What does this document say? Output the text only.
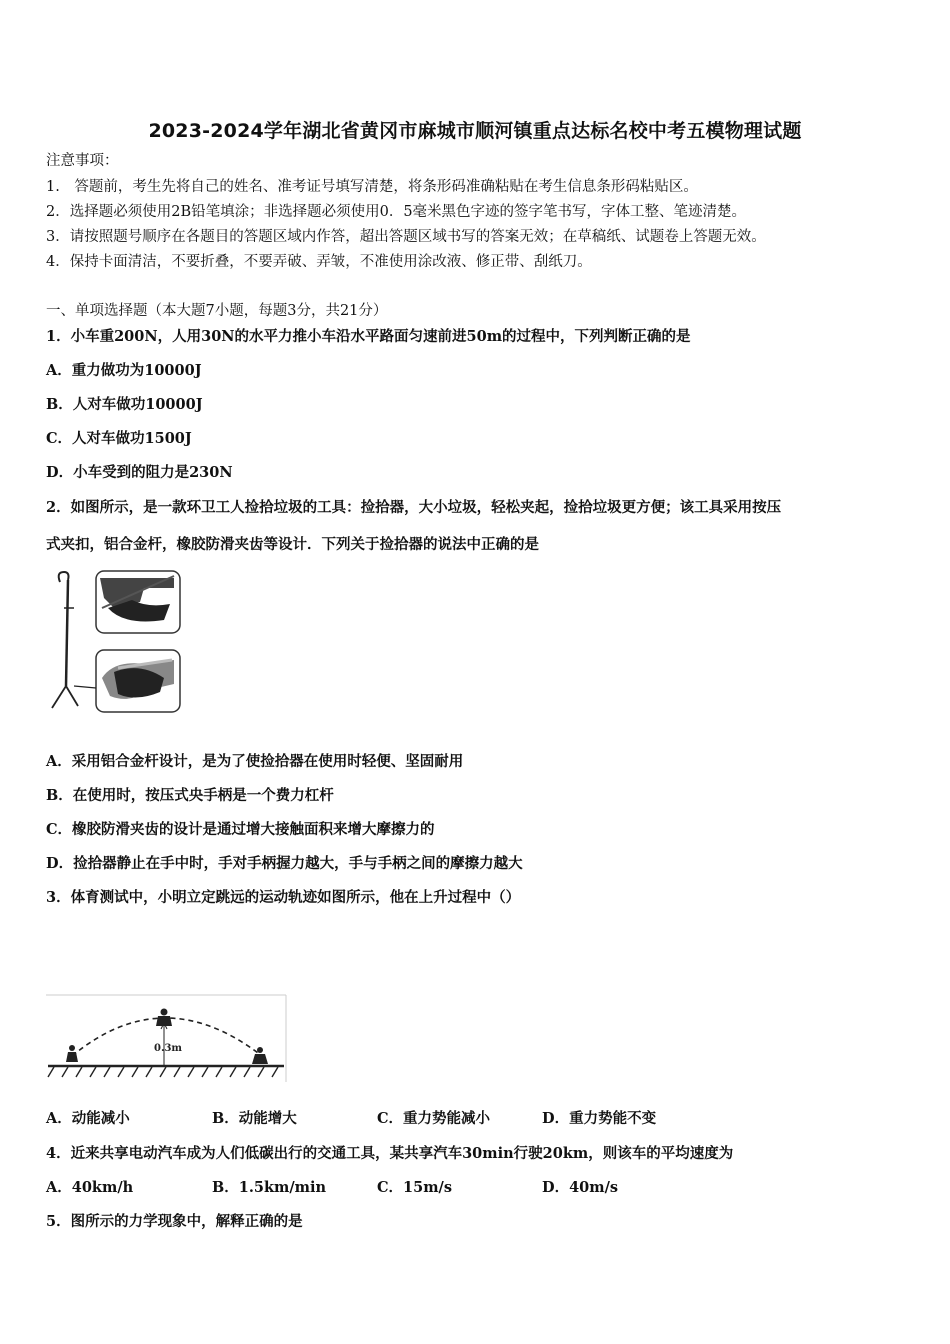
2023-2024学年湖北省黄冈市麻城市顺河镇重点达标名校中考五模物理试题
注意事项：
1.　答题前，考生先将自己的姓名、准考证号填写清楚，将条形码准确粘贴在考生信息条形码粘贴区。
2．选择题必须使用2B铅笔填涂；非选择题必须使用0．5毫米黑色字迹的签字笔书写，字体工整、笔迹清楚。
3．请按照题号顺序在各题目的答题区域内作答，超出答题区域书写的答案无效；在草稿纸、试题卷上答题无效。
4．保持卡面清洁，不要折叠，不要弄破、弄皱，不准使用涂改液、修正带、刮纸刀。
一、单项选择题（本大题7小题，每题3分，共21分）
1．小车重200N，人用30N的水平力推小车沿水平路面匀速前进50m的过程中，下列判断正确的是
A．重力做功为10000J
B．人对车做功10000J
C．人对车做功1500J
D．小车受到的阻力是230N
2．如图所示，是一款环卫工人捡拾垃圾的工具：捡拾器，大小垃圾，轻松夹起，捡拾垃圾更方便；该工具采用按压
式夹扣，铝合金杆，橡胶防滑夹齿等设计．下列关于捡拾器的说法中正确的是
A．采用铝合金杆设计，是为了使捡拾器在使用时轻便、坚固耐用
B．在使用时，按压式央手柄是一个费力杠杆
C．橡胶防滑夹齿的设计是通过增大接触面积来增大摩擦力的
D．捡拾器静止在手中时，手对手柄握力越大，手与手柄之间的摩擦力越大
3．体育测试中，小明立定跳远的运动轨迹如图所示，他在上升过程中（）
0.3m
A．动能减小	B．动能增大	C．重力势能减小	D．重力势能不变
4．近来共享电动汽车成为人们低碳出行的交通工具，某共享汽车30min行驶20km，则该车的平均速度为
A．40km/h	B．1.5km/min	C．15m/s	D．40m/s
5．图所示的力学现象中，解释正确的是
